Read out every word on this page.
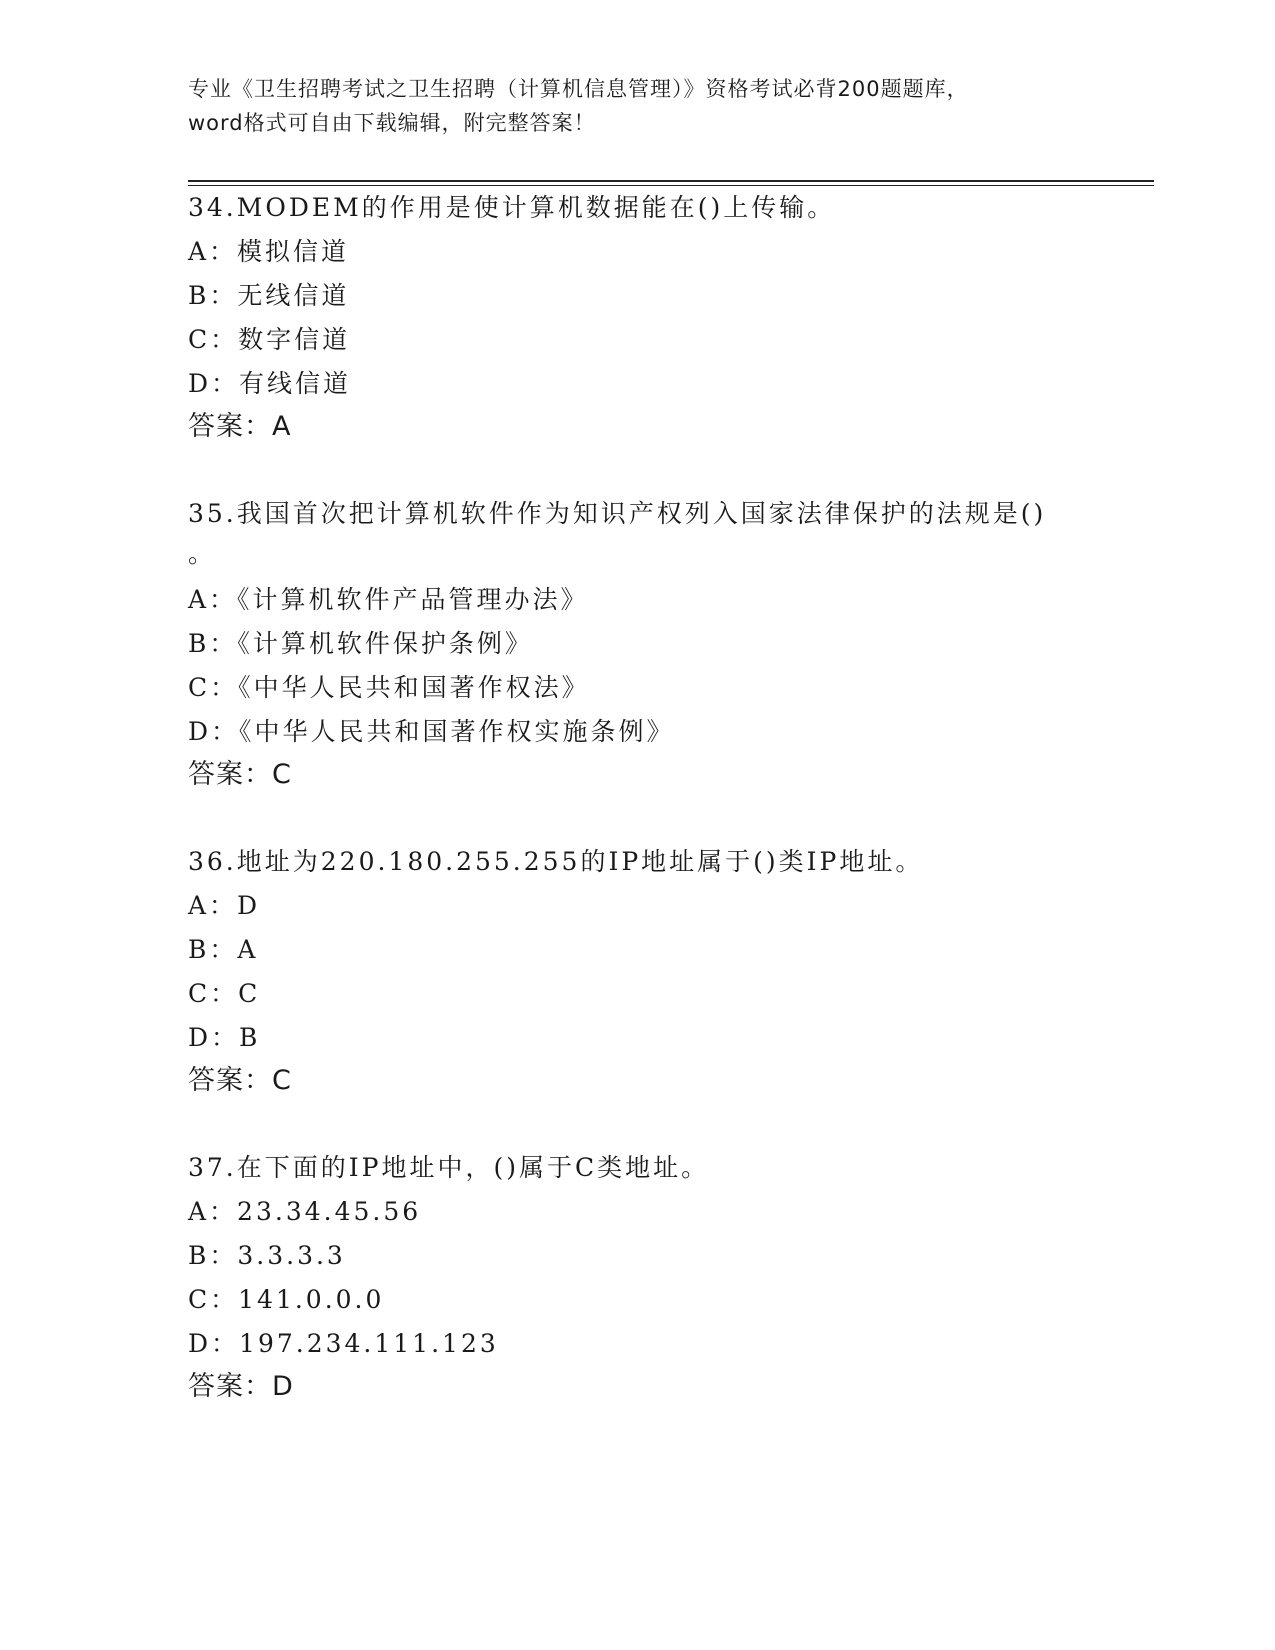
专业《卫生招聘考试之卫生招聘（计算机信息管理）》资格考试必背200题题库，
word格式可自由下载编辑，附完整答案！
34.MODEM的作用是使计算机数据能在()上传输。
A：模拟信道
B：无线信道
C：数字信道
D：有线信道
答案：A
35.我国首次把计算机软件作为知识产权列入国家法律保护的法规是()
。
A：《计算机软件产品管理办法》
B：《计算机软件保护条例》
C：《中华人民共和国著作权法》
D：《中华人民共和国著作权实施条例》
答案：C
36.地址为220.180.255.255的IP地址属于()类IP地址。
A：D
B：A
C：C
D：B
答案：C
37.在下面的IP地址中，()属于C类地址。
A：23.34.45.56
B：3.3.3.3
C：141.0.0.0
D：197.234.111.123
答案：D
